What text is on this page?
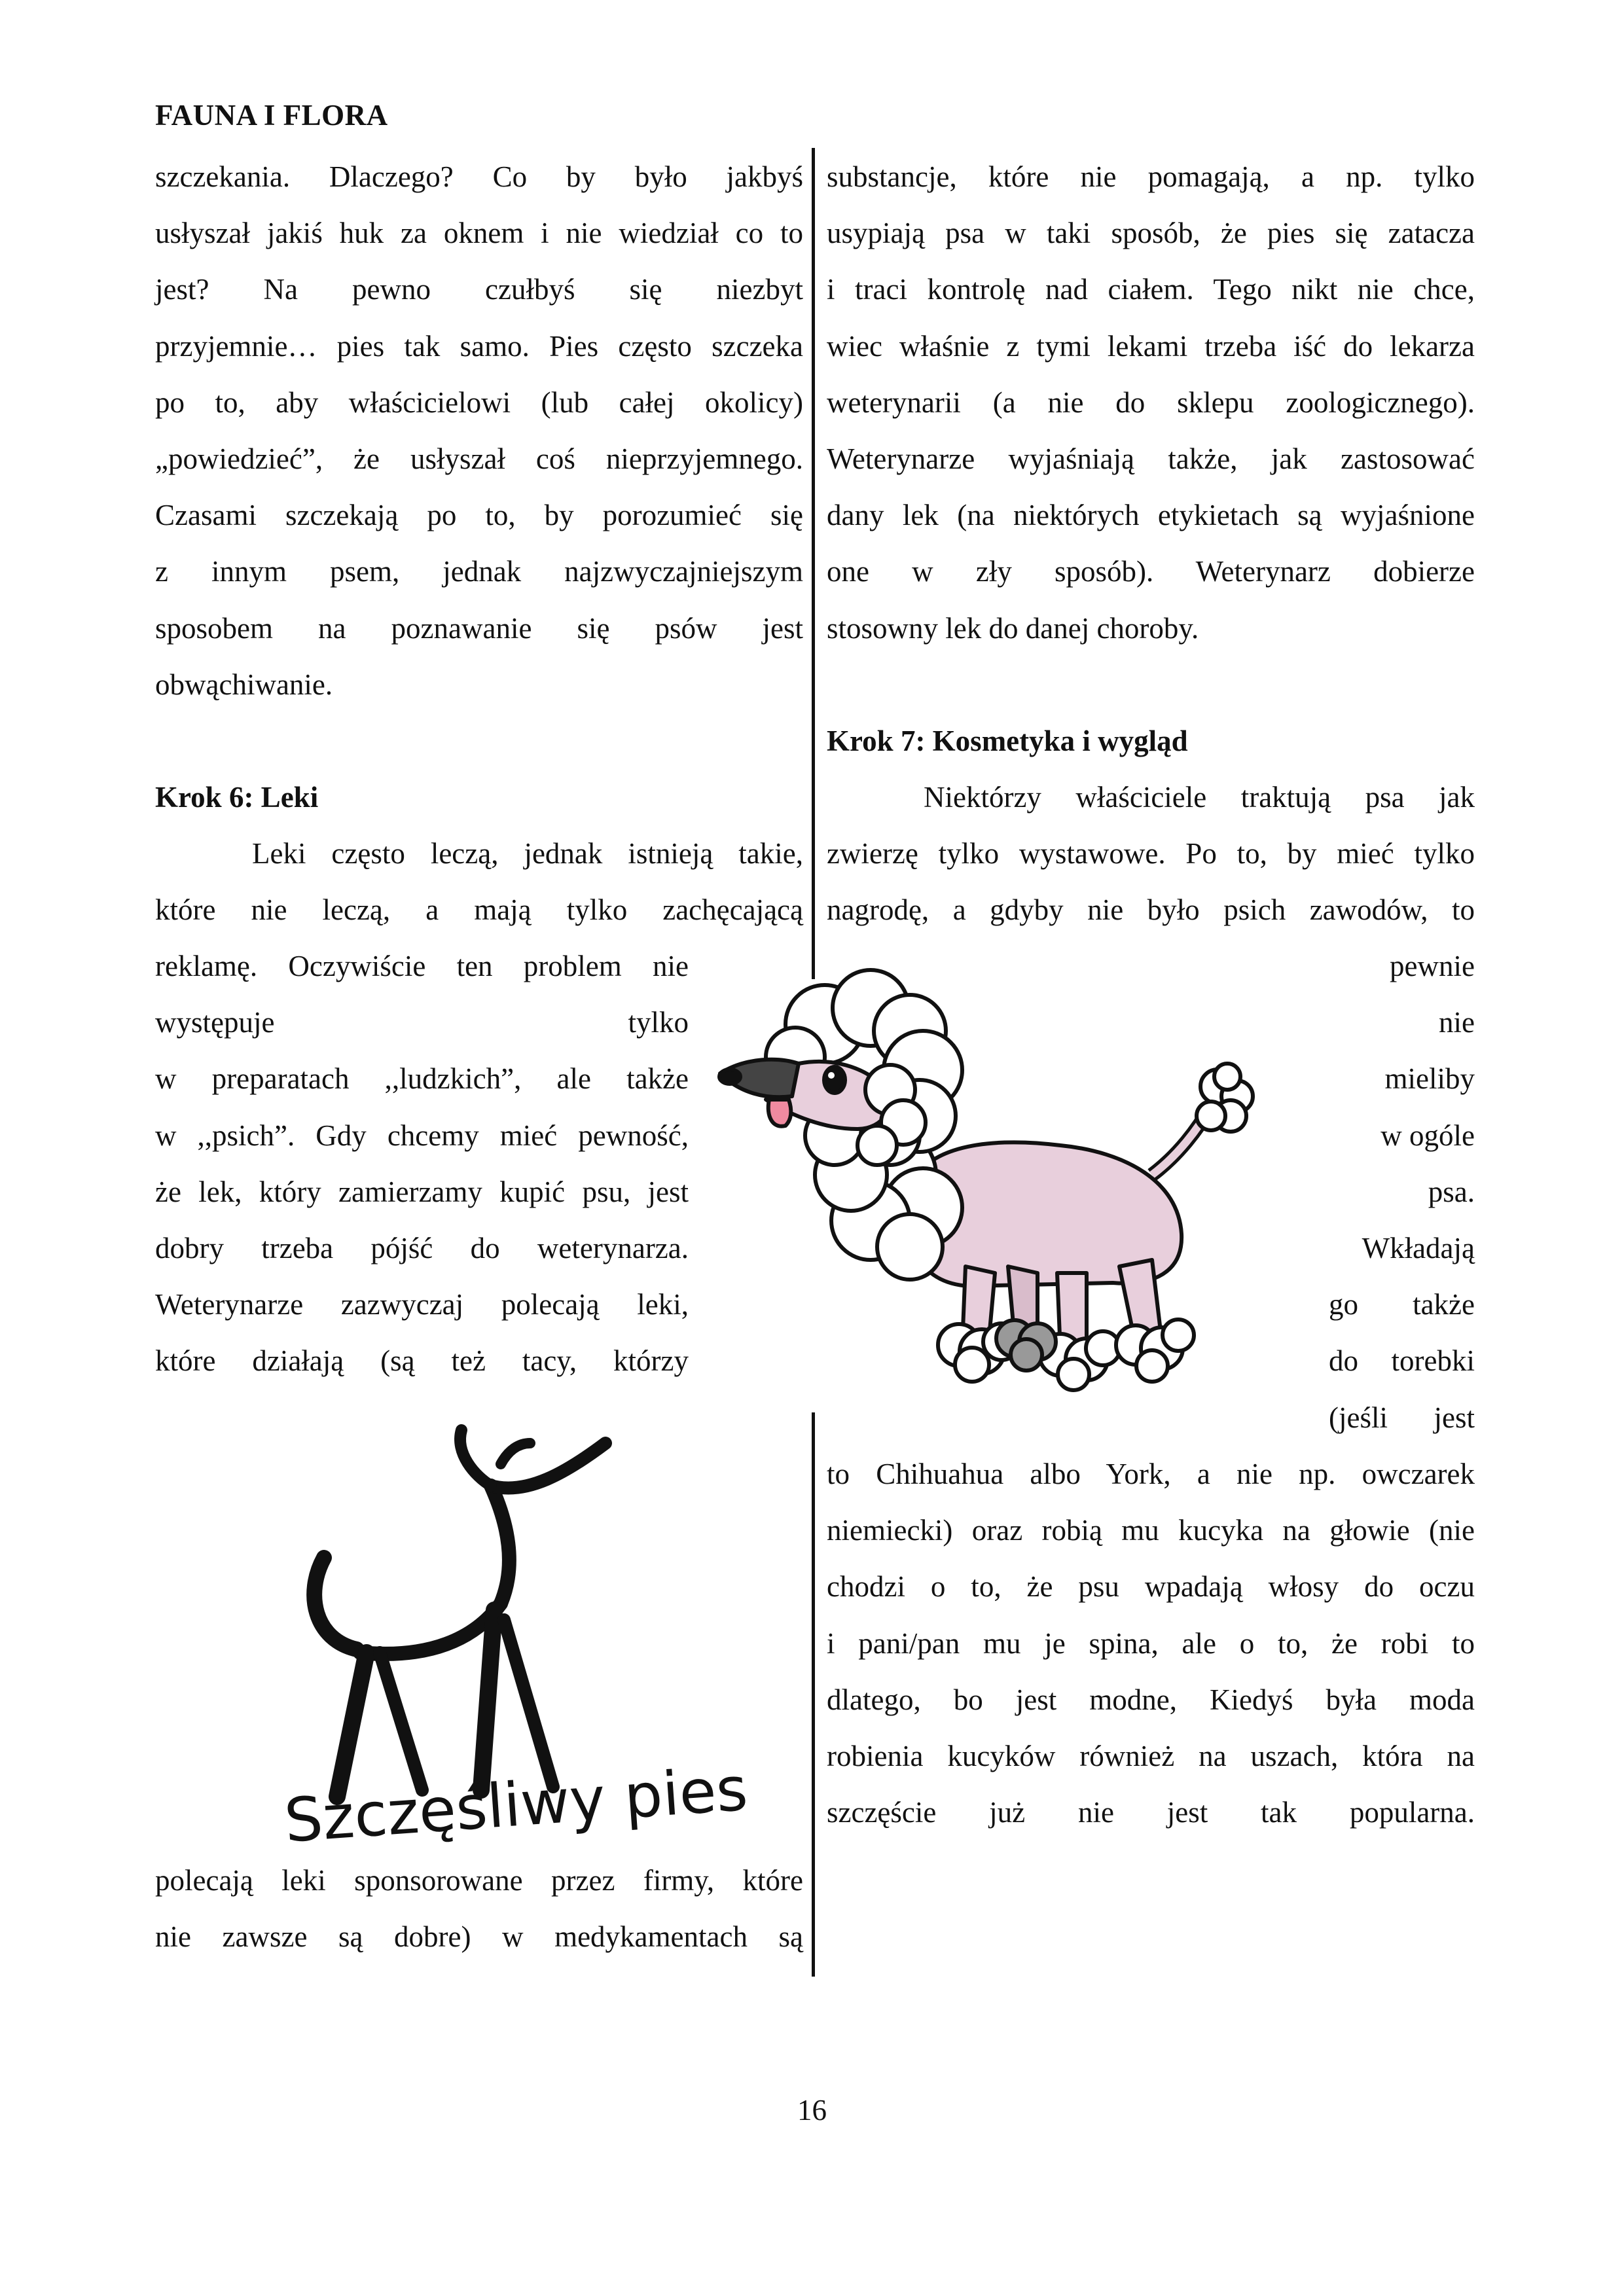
FAUNA I FLORA
szczekania. Dlaczego? Co by było jakbyś
usłyszał jakiś huk za oknem i nie wiedział co to
jest? Na pewno czułbyś się niezbyt
przyjemnie… pies tak samo. Pies często szczeka
po to, aby właścicielowi (lub całej okolicy)
„powiedzieć”, że usłyszał coś nieprzyjemnego.
Czasami szczekają po to, by porozumieć się
z innym psem, jednak najzwyczajniejszym
sposobem na poznawanie się psów jest
obwąchiwanie.
Krok 6: Leki
Leki często leczą, jednak istnieją takie,
które nie leczą, a mają tylko zachęcającą
reklamę. Oczywiście ten problem nie
występuje tylko
w preparatach ,,ludzkich”, ale także
w ,,psich”. Gdy chcemy mieć pewność,
że lek, który zamierzamy kupić psu, jest
dobry trzeba pójść do weterynarza.
Weterynarze zazwyczaj polecają leki,
które działają (są też tacy, którzy
polecają leki sponsorowane przez firmy, które
nie zawsze są dobre) w medykamentach są
Szczęśliwy pies
substancje, które nie pomagają, a np. tylko
usypiają psa w taki sposób, że pies się zatacza
i traci kontrolę nad ciałem. Tego nikt nie chce,
wiec właśnie z tymi lekami trzeba iść do lekarza
weterynarii (a nie do sklepu zoologicznego).
Weterynarze wyjaśniają także, jak zastosować
dany lek (na niektórych etykietach są wyjaśnione
one w zły sposób). Weterynarz dobierze
stosowny lek do danej choroby.
Krok 7: Kosmetyka i wygląd
Niektórzy właściciele traktują psa jak
zwierzę tylko wystawowe. Po to, by mieć tylko
nagrodę, a gdyby nie było psich zawodów, to
pewnie
nie
mieliby
w ogóle
psa.
Wkładają
go także
do torebki
(jeśli jest
to Chihuahua albo York, a nie np. owczarek
niemiecki) oraz robią mu kucyka na głowie (nie
chodzi o to, że psu wpadają włosy do oczu
i pani/pan mu je spina, ale o to, że robi to
dlatego, bo jest modne, Kiedyś była moda
robienia kucyków również na uszach, która na
szczęście już nie jest tak popularna.
16
